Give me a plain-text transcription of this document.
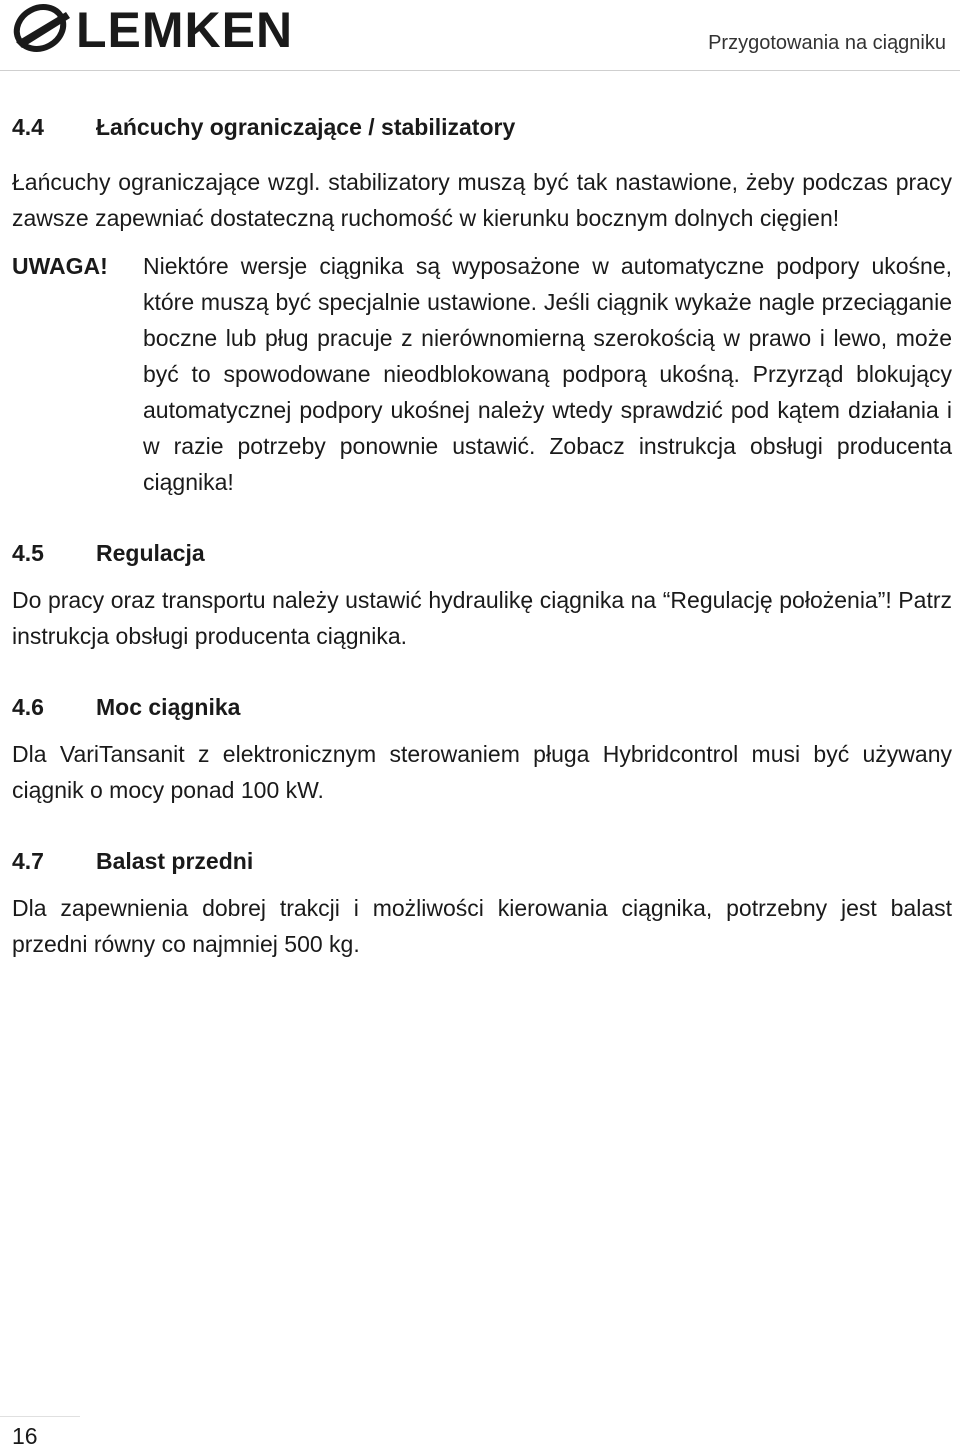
LEMKEN	Przygotowania na ciągniku
4.4 Łańcuchy ograniczające / stabilizatory

Łańcuchy ograniczające wzgl. stabilizatory muszą być tak nastawione, żeby podczas pracy zawsze zapewniać dostateczną ruchomość w kierunku bocznym dolnych cięgien!

UWAGA!	Niektóre wersje ciągnika są wyposażone w automatyczne podpory ukośne, które muszą być specjalnie ustawione. Jeśli ciągnik wykaże nagle przeciąganie boczne lub pług pracuje z nierównomierną szerokością w prawo i lewo, może być to spowodowane nieodblokowaną podporą ukośną. Przyrząd blokujący automatycznej podpory ukośnej należy wtedy sprawdzić pod kątem działania i w razie potrzeby ponownie ustawić. Zobacz instrukcja obsługi producenta ciągnika!
4.5 Regulacja

Do pracy oraz transportu należy ustawić hydraulikę ciągnika na “Regulację położenia”! Patrz instrukcja obsługi producenta ciągnika.

4.6 Moc ciągnika

Dla VariTansanit z elektronicznym sterowaniem pługa Hybridcontrol musi być używany ciągnik o mocy ponad 100 kW.

4.7 Balast przedni

Dla zapewnienia dobrej trakcji i możliwości kierowania ciągnika, potrzebny jest balast przedni równy co najmniej 500 kg.

16
